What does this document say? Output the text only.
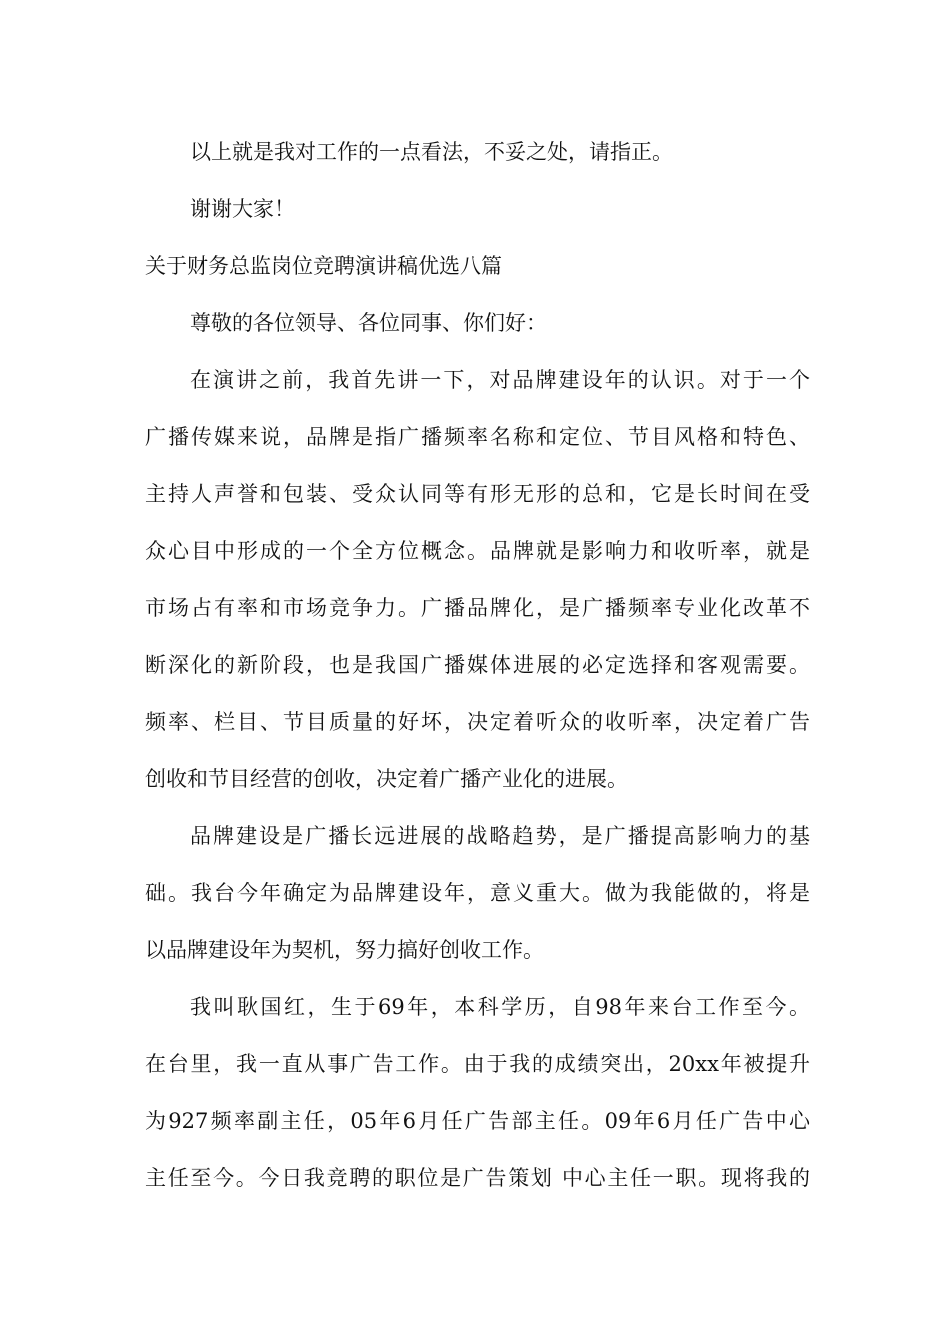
以上就是我对工作的一点看法，不妥之处，请指正。

谢谢大家！

关于财务总监岗位竞聘演讲稿优选八篇

尊敬的各位领导、各位同事、你们好：

在演讲之前，我首先讲一下，对品牌建设年的认识。对于一个

广播传媒来说，品牌是指广播频率名称和定位、节目风格和特色、

主持人声誉和包装、受众认同等有形无形的总和，它是长时间在受

众心目中形成的一个全方位概念。品牌就是影响力和收听率，就是

市场占有率和市场竞争力。广播品牌化，是广播频率专业化改革不

断深化的新阶段，也是我国广播媒体进展的必定选择和客观需要。

频率、栏目、节目质量的好坏，决定着听众的收听率，决定着广告

创收和节目经营的创收，决定着广播产业化的进展。

品牌建设是广播长远进展的战略趋势，是广播提高影响力的基

础。我台今年确定为品牌建设年，意义重大。做为我能做的，将是

以品牌建设年为契机，努力搞好创收工作。

我叫耿国红，生于69年，本科学历，自98年来台工作至今。

在台里，我一直从事广告工作。由于我的成绩突出，20xx年被提升

为927频率副主任，05年6月任广告部主任。09年6月任广告中心

主任至今。今日我竞聘的职位是广告策划 中心主任一职。现将我的
